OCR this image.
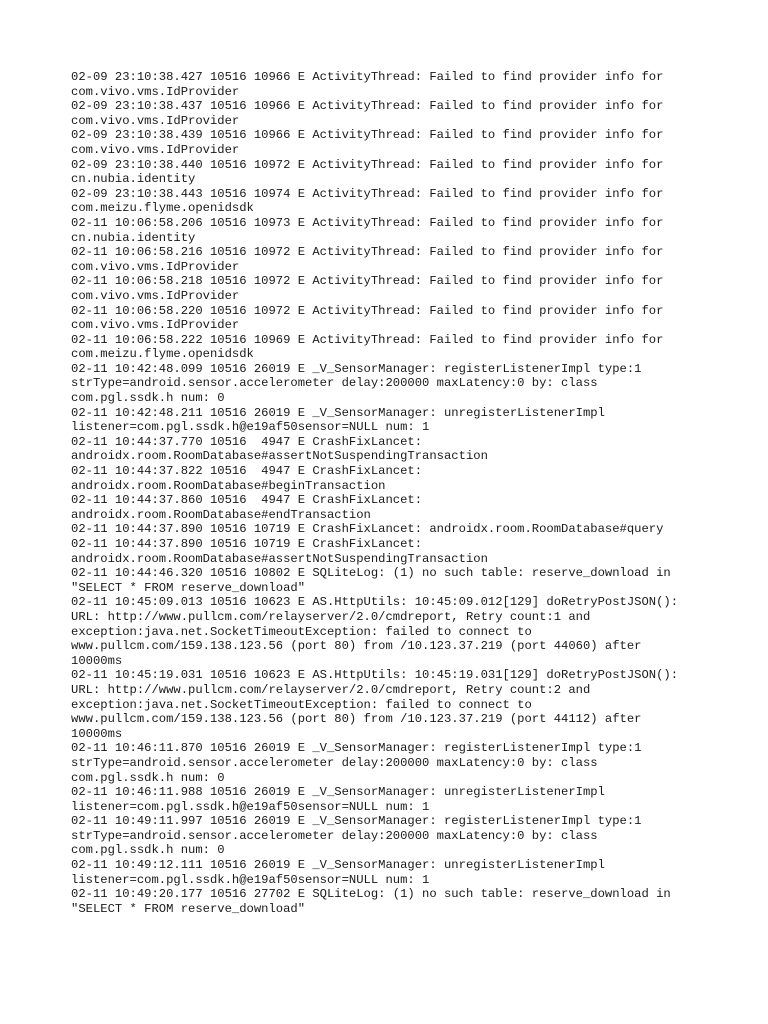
02-09 23:10:38.427 10516 10966 E ActivityThread: Failed to find provider info for
com.vivo.vms.IdProvider
02-09 23:10:38.437 10516 10966 E ActivityThread: Failed to find provider info for
com.vivo.vms.IdProvider
02-09 23:10:38.439 10516 10966 E ActivityThread: Failed to find provider info for
com.vivo.vms.IdProvider
02-09 23:10:38.440 10516 10972 E ActivityThread: Failed to find provider info for
cn.nubia.identity
02-09 23:10:38.443 10516 10974 E ActivityThread: Failed to find provider info for
com.meizu.flyme.openidsdk
02-11 10:06:58.206 10516 10973 E ActivityThread: Failed to find provider info for
cn.nubia.identity
02-11 10:06:58.216 10516 10972 E ActivityThread: Failed to find provider info for
com.vivo.vms.IdProvider
02-11 10:06:58.218 10516 10972 E ActivityThread: Failed to find provider info for
com.vivo.vms.IdProvider
02-11 10:06:58.220 10516 10972 E ActivityThread: Failed to find provider info for
com.vivo.vms.IdProvider
02-11 10:06:58.222 10516 10969 E ActivityThread: Failed to find provider info for
com.meizu.flyme.openidsdk
02-11 10:42:48.099 10516 26019 E _V_SensorManager: registerListenerImpl type:1
strType=android.sensor.accelerometer delay:200000 maxLatency:0 by: class
com.pgl.ssdk.h num: 0
02-11 10:42:48.211 10516 26019 E _V_SensorManager: unregisterListenerImpl
listener=com.pgl.ssdk.h@e19af50sensor=NULL num: 1
02-11 10:44:37.770 10516  4947 E CrashFixLancet:
androidx.room.RoomDatabase#assertNotSuspendingTransaction
02-11 10:44:37.822 10516  4947 E CrashFixLancet:
androidx.room.RoomDatabase#beginTransaction
02-11 10:44:37.860 10516  4947 E CrashFixLancet:
androidx.room.RoomDatabase#endTransaction
02-11 10:44:37.890 10516 10719 E CrashFixLancet: androidx.room.RoomDatabase#query
02-11 10:44:37.890 10516 10719 E CrashFixLancet:
androidx.room.RoomDatabase#assertNotSuspendingTransaction
02-11 10:44:46.320 10516 10802 E SQLiteLog: (1) no such table: reserve_download in
"SELECT * FROM reserve_download"
02-11 10:45:09.013 10516 10623 E AS.HttpUtils: 10:45:09.012[129] doRetryPostJSON():
URL: http://www.pullcm.com/relayserver/2.0/cmdreport, Retry count:1 and
exception:java.net.SocketTimeoutException: failed to connect to
www.pullcm.com/159.138.123.56 (port 80) from /10.123.37.219 (port 44060) after
10000ms
02-11 10:45:19.031 10516 10623 E AS.HttpUtils: 10:45:19.031[129] doRetryPostJSON():
URL: http://www.pullcm.com/relayserver/2.0/cmdreport, Retry count:2 and
exception:java.net.SocketTimeoutException: failed to connect to
www.pullcm.com/159.138.123.56 (port 80) from /10.123.37.219 (port 44112) after
10000ms
02-11 10:46:11.870 10516 26019 E _V_SensorManager: registerListenerImpl type:1
strType=android.sensor.accelerometer delay:200000 maxLatency:0 by: class
com.pgl.ssdk.h num: 0
02-11 10:46:11.988 10516 26019 E _V_SensorManager: unregisterListenerImpl
listener=com.pgl.ssdk.h@e19af50sensor=NULL num: 1
02-11 10:49:11.997 10516 26019 E _V_SensorManager: registerListenerImpl type:1
strType=android.sensor.accelerometer delay:200000 maxLatency:0 by: class
com.pgl.ssdk.h num: 0
02-11 10:49:12.111 10516 26019 E _V_SensorManager: unregisterListenerImpl
listener=com.pgl.ssdk.h@e19af50sensor=NULL num: 1
02-11 10:49:20.177 10516 27702 E SQLiteLog: (1) no such table: reserve_download in
"SELECT * FROM reserve_download"
